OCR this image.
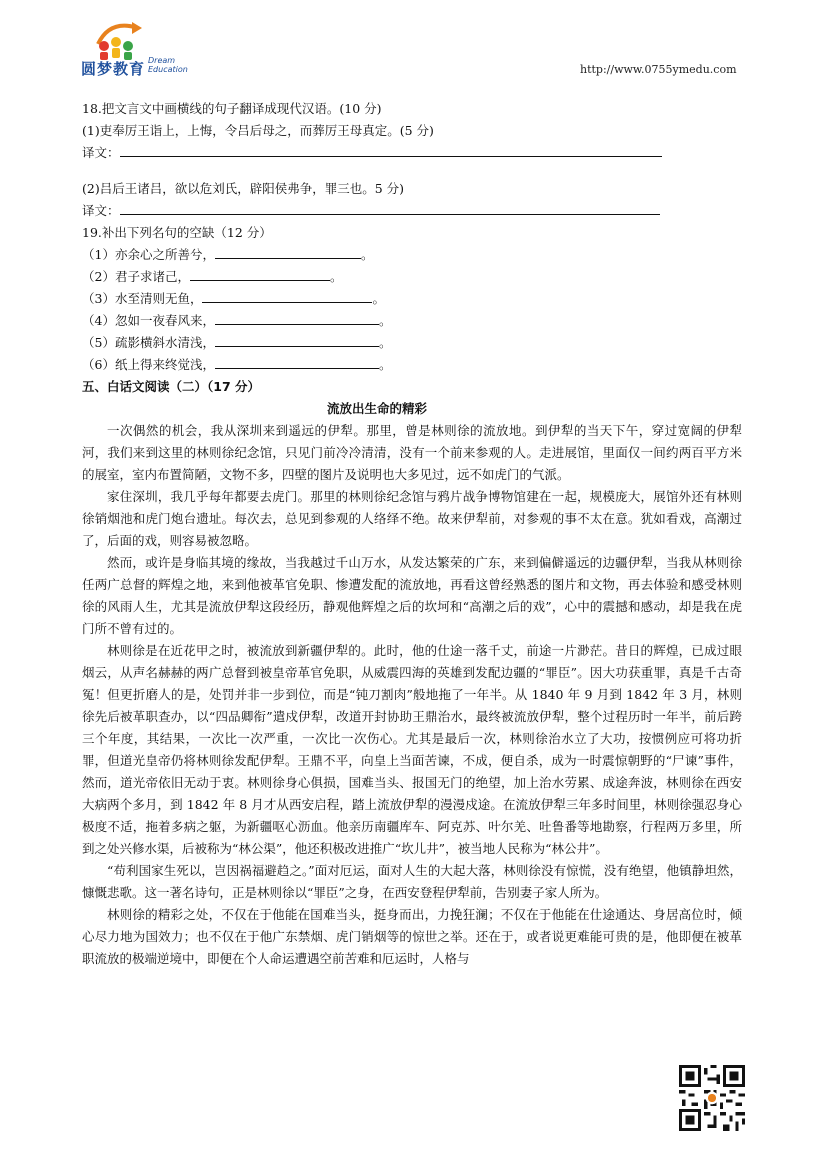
圆梦教育 Dream
Education	http://www.0755ymedu.com
18.把文言文中画横线的句子翻译成现代汉语。(10 分)
(1)吏奉厉王诣上，上悔，令吕后母之，而葬厉王母真定。(5 分)
译文：
(2)吕后王诸吕，欲以危刘氏，辟阳侯弗争，罪三也。5 分)
译文：
19.补出下列名句的空缺（12 分）
（1）亦余心之所善兮，	。
（2）君子求诸己，	。
（3）水至清则无鱼，	。
（4）忽如一夜春风来，	。
（5）疏影横斜水清浅，	。
（6）纸上得来终觉浅，	。
五、白话文阅读（二）（17 分）
流放出生命的精彩
一次偶然的机会，我从深圳来到遥远的伊犁。那里，曾是林则徐的流放地。到伊犁的当天下午，穿过宽阔的伊犁河，我们来到这里的林则徐纪念馆，只见门前冷冷清清，没有一个前来参观的人。走进展馆，里面仅一间约两百平方米的展室，室内布置简陋，文物不多，四壁的图片及说明也大多见过，远不如虎门的气派。
家住深圳，我几乎每年都要去虎门。那里的林则徐纪念馆与鸦片战争博物馆建在一起，规模庞大，展馆外还有林则徐销烟池和虎门炮台遗址。每次去，总见到参观的人络绎不绝。故来伊犁前，对参观的事不太在意。犹如看戏，高潮过了，后面的戏，则容易被忽略。
然而，或许是身临其境的缘故，当我越过千山万水，从发达繁荣的广东，来到偏僻遥远的边疆伊犁，当我从林则徐任两广总督的辉煌之地，来到他被革官免职、惨遭发配的流放地，再看这曾经熟悉的图片和文物，再去体验和感受林则徐的风雨人生，尤其是流放伊犁这段经历，静观他辉煌之后的坎坷和“高潮之后的戏”，心中的震撼和感动，却是我在虎门所不曾有过的。
林则徐是在近花甲之时，被流放到新疆伊犁的。此时，他的仕途一落千丈，前途一片渺茫。昔日的辉煌，已成过眼烟云，从声名赫赫的两广总督到被皇帝革官免职，从威震四海的英雄到发配边疆的“罪臣”。因大功获重罪，真是千古奇冤！但更折磨人的是，处罚并非一步到位，而是“钝刀割肉”般地拖了一年半。从 1840 年 9 月到 1842 年 3 月，林则徐先后被革职查办，以“四品卿衔”遣戍伊犁，改道开封协助王鼎治水，最终被流放伊犁，整个过程历时一年半，前后跨三个年度，其结果，一次比一次严重，一次比一次伤心。尤其是最后一次，林则徐治水立了大功，按惯例应可将功折罪，但道光皇帝仍将林则徐发配伊犁。王鼎不平，向皇上当面苦谏，不成，便自杀，成为一时震惊朝野的“尸谏”事件，然而，道光帝依旧无动于衷。林则徐身心俱损，国难当头、报国无门的绝望，加上治水劳累、成途奔波，林则徐在西安大病两个多月，到 1842 年 8 月才从西安启程，踏上流放伊犁的漫漫戍途。在流放伊犁三年多时间里，林则徐强忍身心极度不适，拖着多病之躯，为新疆呕心沥血。他亲历南疆库车、阿克苏、叶尔羌、吐鲁番等地勘察，行程两万多里，所到之处兴修水渠，后被称为“林公渠”，他还积极改进推广“坎儿井”，被当地人民称为“林公井”。
“苟利国家生死以，岂因祸福避趋之。”面对厄运，面对人生的大起大落，林则徐没有惊慌，没有绝望，他镇静坦然，慷慨悲歌。这一著名诗句，正是林则徐以“罪臣”之身，在西安登程伊犁前，告别妻子家人所为。
林则徐的精彩之处，不仅在于他能在国难当头，挺身而出，力挽狂澜；不仅在于他能在仕途通达、身居高位时，倾心尽力地为国效力；也不仅在于他广东禁烟、虎门销烟等的惊世之举。还在于，或者说更难能可贵的是，他即便在被革职流放的极端逆境中，即便在个人命运遭遇空前苦难和厄运时，人格与
